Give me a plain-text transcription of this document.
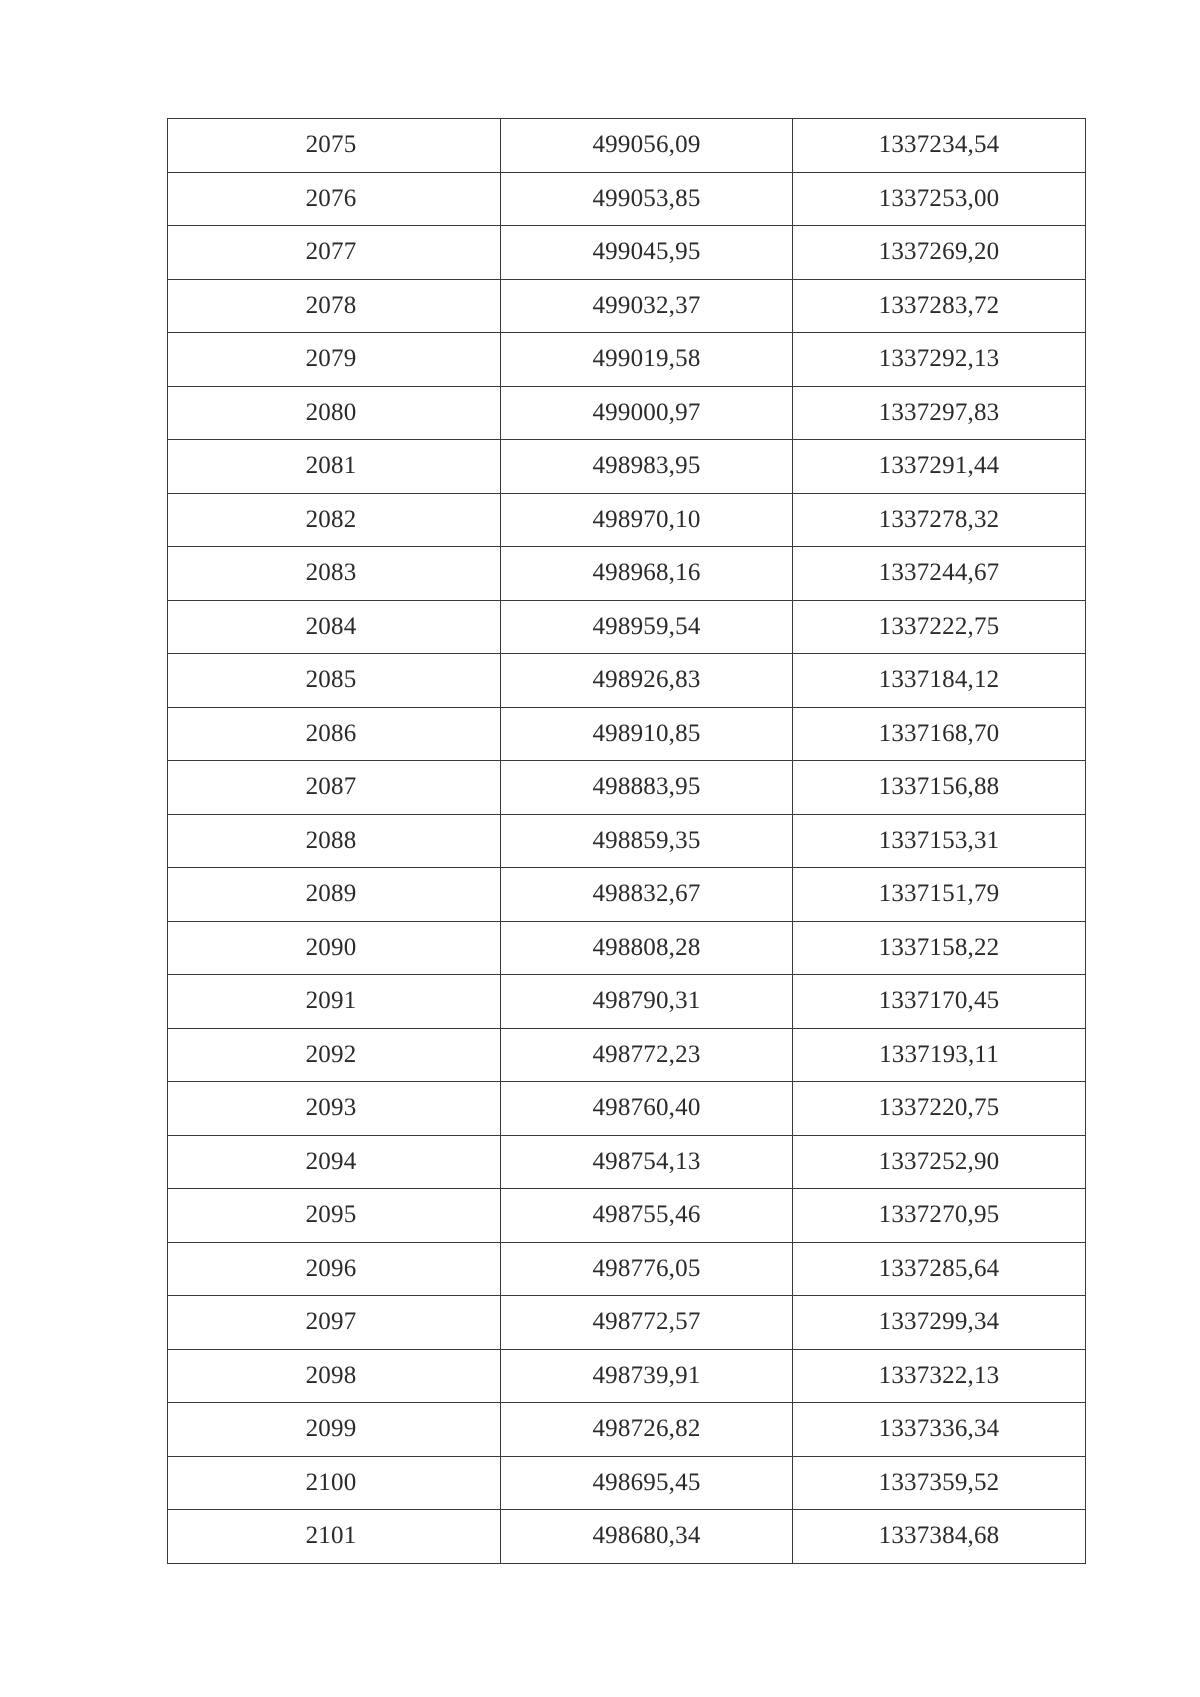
2075	499056,09	1337234,54
2076	499053,85	1337253,00
2077	499045,95	1337269,20
2078	499032,37	1337283,72
2079	499019,58	1337292,13
2080	499000,97	1337297,83
2081	498983,95	1337291,44
2082	498970,10	1337278,32
2083	498968,16	1337244,67
2084	498959,54	1337222,75
2085	498926,83	1337184,12
2086	498910,85	1337168,70
2087	498883,95	1337156,88
2088	498859,35	1337153,31
2089	498832,67	1337151,79
2090	498808,28	1337158,22
2091	498790,31	1337170,45
2092	498772,23	1337193,11
2093	498760,40	1337220,75
2094	498754,13	1337252,90
2095	498755,46	1337270,95
2096	498776,05	1337285,64
2097	498772,57	1337299,34
2098	498739,91	1337322,13
2099	498726,82	1337336,34
2100	498695,45	1337359,52
2101	498680,34	1337384,68
